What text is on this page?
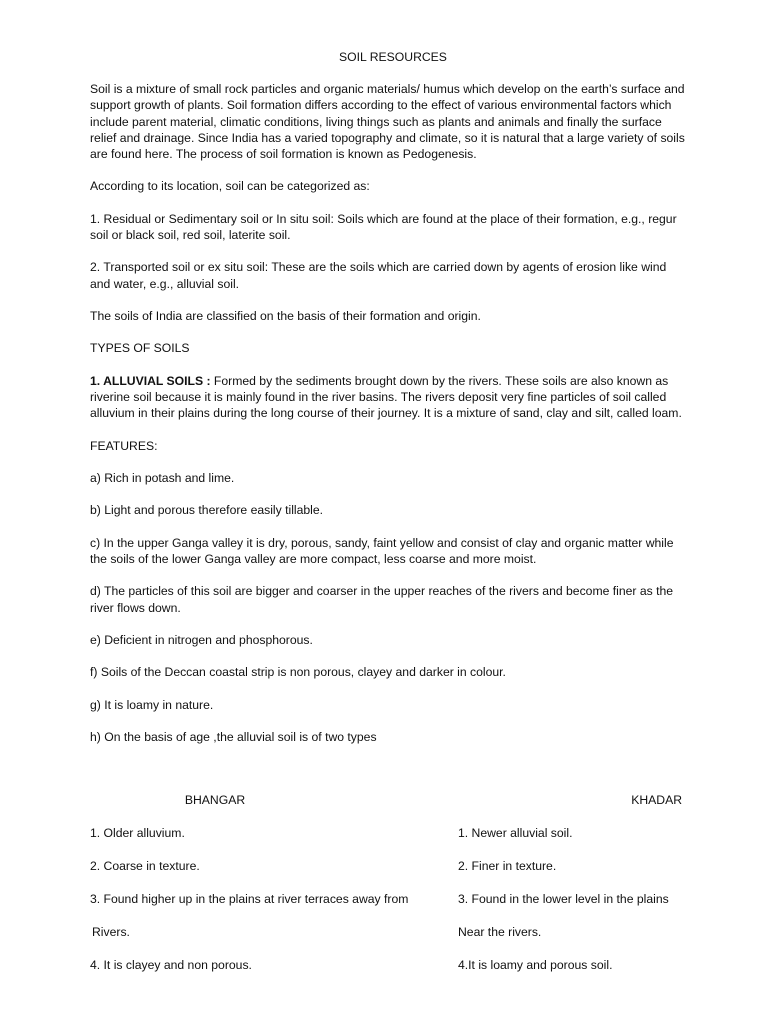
SOIL RESOURCES

Soil is a mixture of small rock particles and organic materials/ humus which develop on the earth’s surface and support growth of plants. Soil formation differs according to the effect of various environmental factors which include parent material, climatic conditions, living things such as plants and animals and finally the surface relief and drainage. Since India has a varied topography and climate, so it is natural that a large variety of soils are found here. The process of soil formation is known as Pedogenesis.

According to its location, soil can be categorized as:

1. Residual or Sedimentary soil or In situ soil: Soils which are found at the place of their formation, e.g., regur soil or black soil, red soil, laterite soil.

2. Transported soil or ex situ soil: These are the soils which are carried down by agents of erosion like wind and water, e.g., alluvial soil.

The soils of India are classified on the basis of their formation and origin.

TYPES OF SOILS

1. ALLUVIAL SOILS : Formed by the sediments brought down by the rivers. These soils are also known as riverine soil because it is mainly found in the river basins. The rivers deposit very fine particles of soil called alluvium in their plains during the long course of their journey. It is a mixture of sand, clay and silt, called loam.

FEATURES:

a) Rich in potash and lime.

b) Light and porous therefore easily tillable.

c) In the upper Ganga valley it is dry, porous, sandy, faint yellow and consist of clay and organic matter while the soils of the lower Ganga valley are more compact, less coarse and more moist.

d) The particles of this soil are bigger and coarser in the upper reaches of the rivers and become finer as the river flows down.

e) Deficient in nitrogen and phosphorous.

f) Soils of the Deccan coastal strip is non porous, clayey and darker in colour.

g) It is loamy in nature.

h) On the basis of age ,the alluvial soil is of two types

BHANGAR	KHADAR
1. Older alluvium.	1. Newer alluvial soil.
2. Coarse in texture.	2. Finer in texture.
3. Found higher up in the plains at river terraces away from	3. Found in the lower level in the plains
Rivers.	Near the rivers.
4. It is clayey and non porous.	4.It is loamy and porous soil.
